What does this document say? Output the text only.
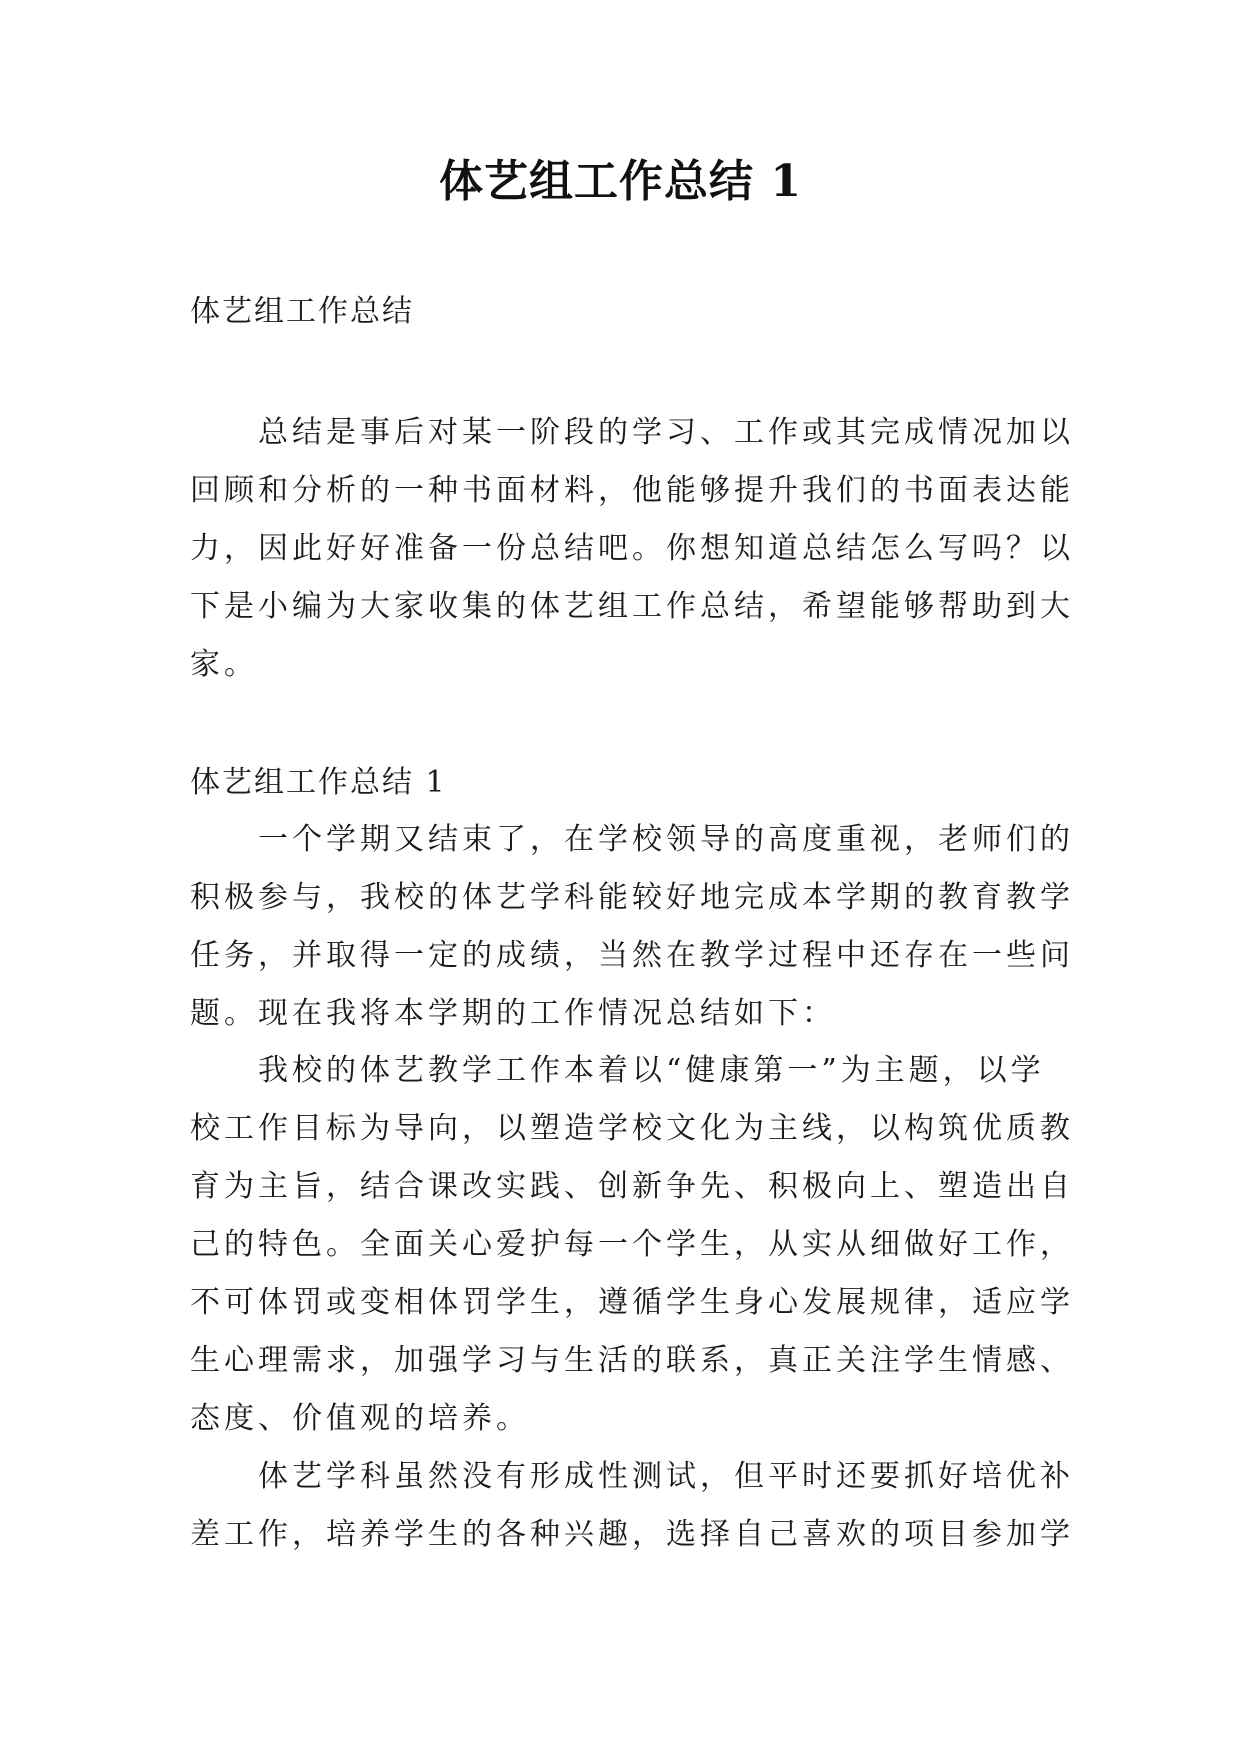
体艺组工作总结 1
体艺组工作总结
　　总结是事后对某一阶段的学习、工作或其完成情况加以
回顾和分析的一种书面材料，他能够提升我们的书面表达能
力，因此好好准备一份总结吧。你想知道总结怎么写吗？以
下是小编为大家收集的体艺组工作总结，希望能够帮助到大
家。
体艺组工作总结 1
　　一个学期又结束了，在学校领导的高度重视，老师们的
积极参与，我校的体艺学科能较好地完成本学期的教育教学
任务，并取得一定的成绩，当然在教学过程中还存在一些问
题。现在我将本学期的工作情况总结如下：
　　我校的体艺教学工作本着以“健康第一”为主题，以学
校工作目标为导向，以塑造学校文化为主线，以构筑优质教
育为主旨，结合课改实践、创新争先、积极向上、塑造出自
己的特色。全面关心爱护每一个学生，从实从细做好工作，
不可体罚或变相体罚学生，遵循学生身心发展规律，适应学
生心理需求，加强学习与生活的联系，真正关注学生情感、
态度、价值观的培养。
　　体艺学科虽然没有形成性测试，但平时还要抓好培优补
差工作，培养学生的各种兴趣，选择自己喜欢的项目参加学
